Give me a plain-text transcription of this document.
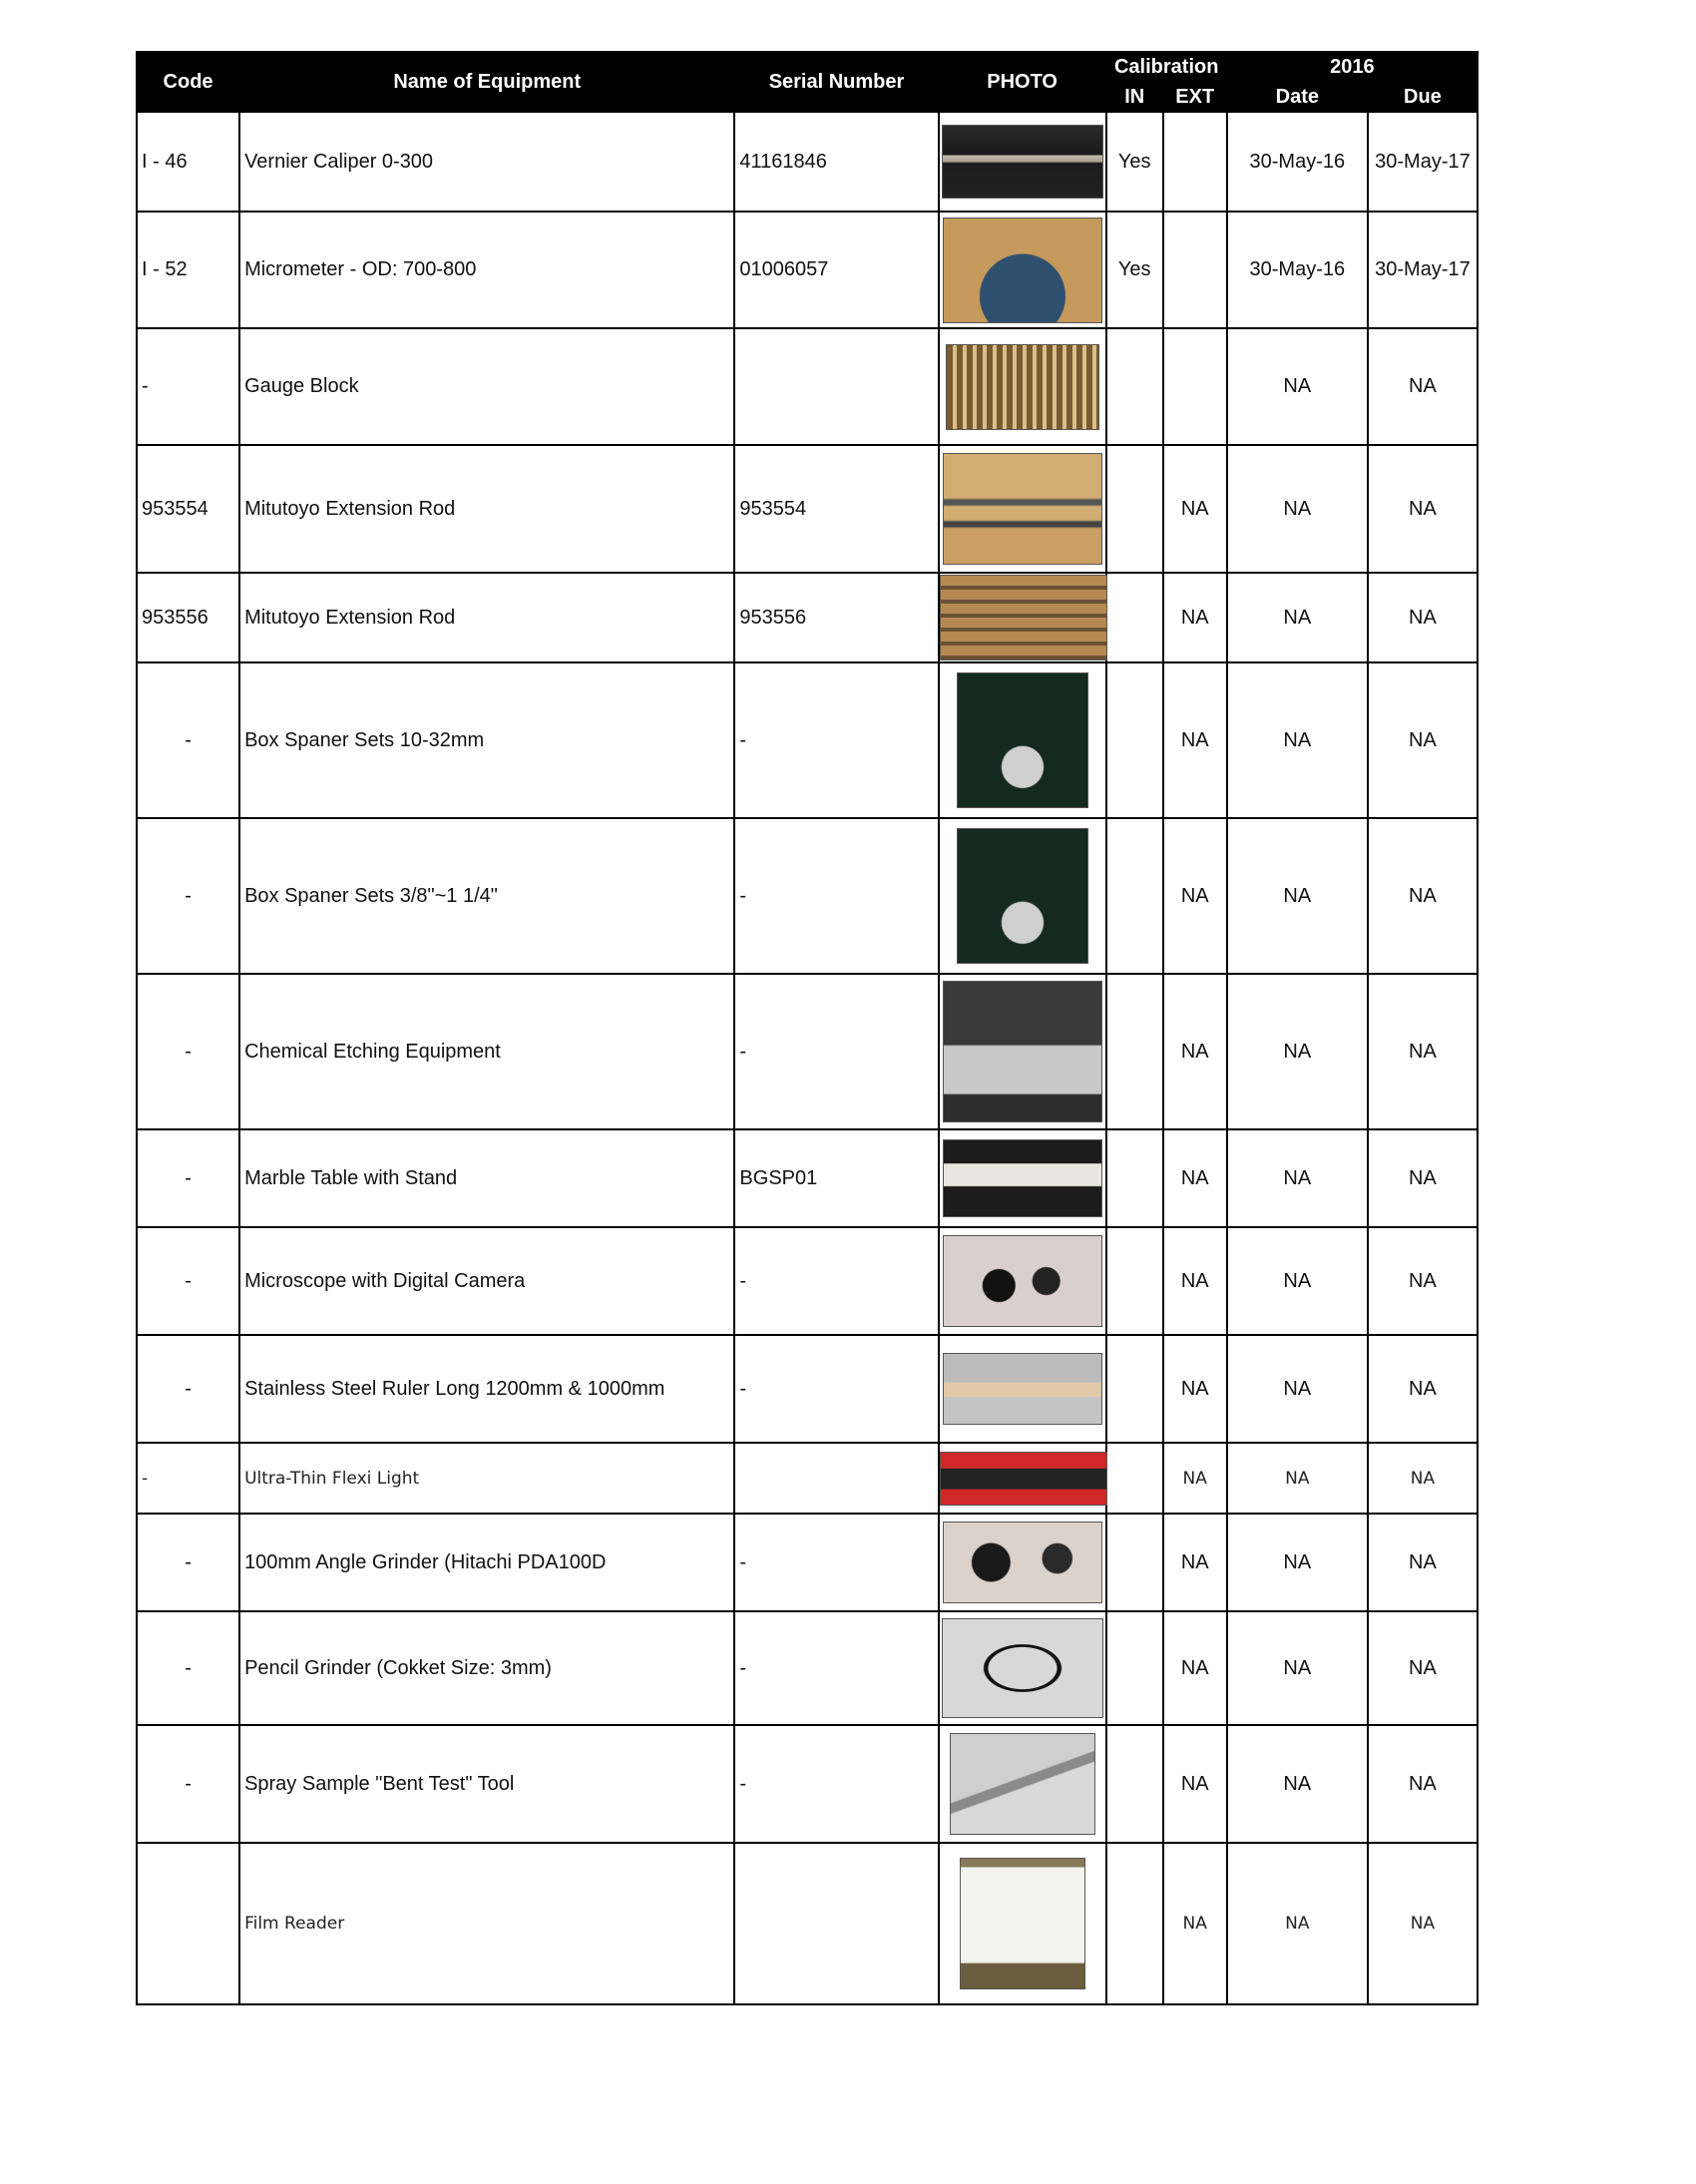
Code	Name of Equipment	Serial Number	PHOTO	Calibration		2016	
				IN	EXT	Date	Due
I - 46	Vernier Caliper 0-300	41161846		Yes		30-May-16	30-May-17
I - 52	Micrometer - OD: 700-800	01006057		Yes		30-May-16	30-May-17
-	Gauge Block					NA	NA
953554	Mitutoyo Extension Rod	953554			NA	NA	NA
953556	Mitutoyo Extension Rod	953556			NA	NA	NA
-	Box Spaner Sets 10-32mm	-			NA	NA	NA
-	Box Spaner Sets 3/8"~1 1/4"	-			NA	NA	NA
-	Chemical Etching Equipment	-			NA	NA	NA
-	Marble Table with Stand	BGSP01			NA	NA	NA
-	Microscope with Digital Camera	-			NA	NA	NA
-	Stainless Steel Ruler Long 1200mm & 1000mm	-			NA	NA	NA
-	Ultra-Thin Flexi Light				NA	NA	NA
-	100mm Angle Grinder (Hitachi PDA100D	-			NA	NA	NA
-	Pencil Grinder (Cokket Size: 3mm)	-			NA	NA	NA
-	Spray Sample "Bent Test" Tool	-			NA	NA	NA
	Film Reader				NA	NA	NA
